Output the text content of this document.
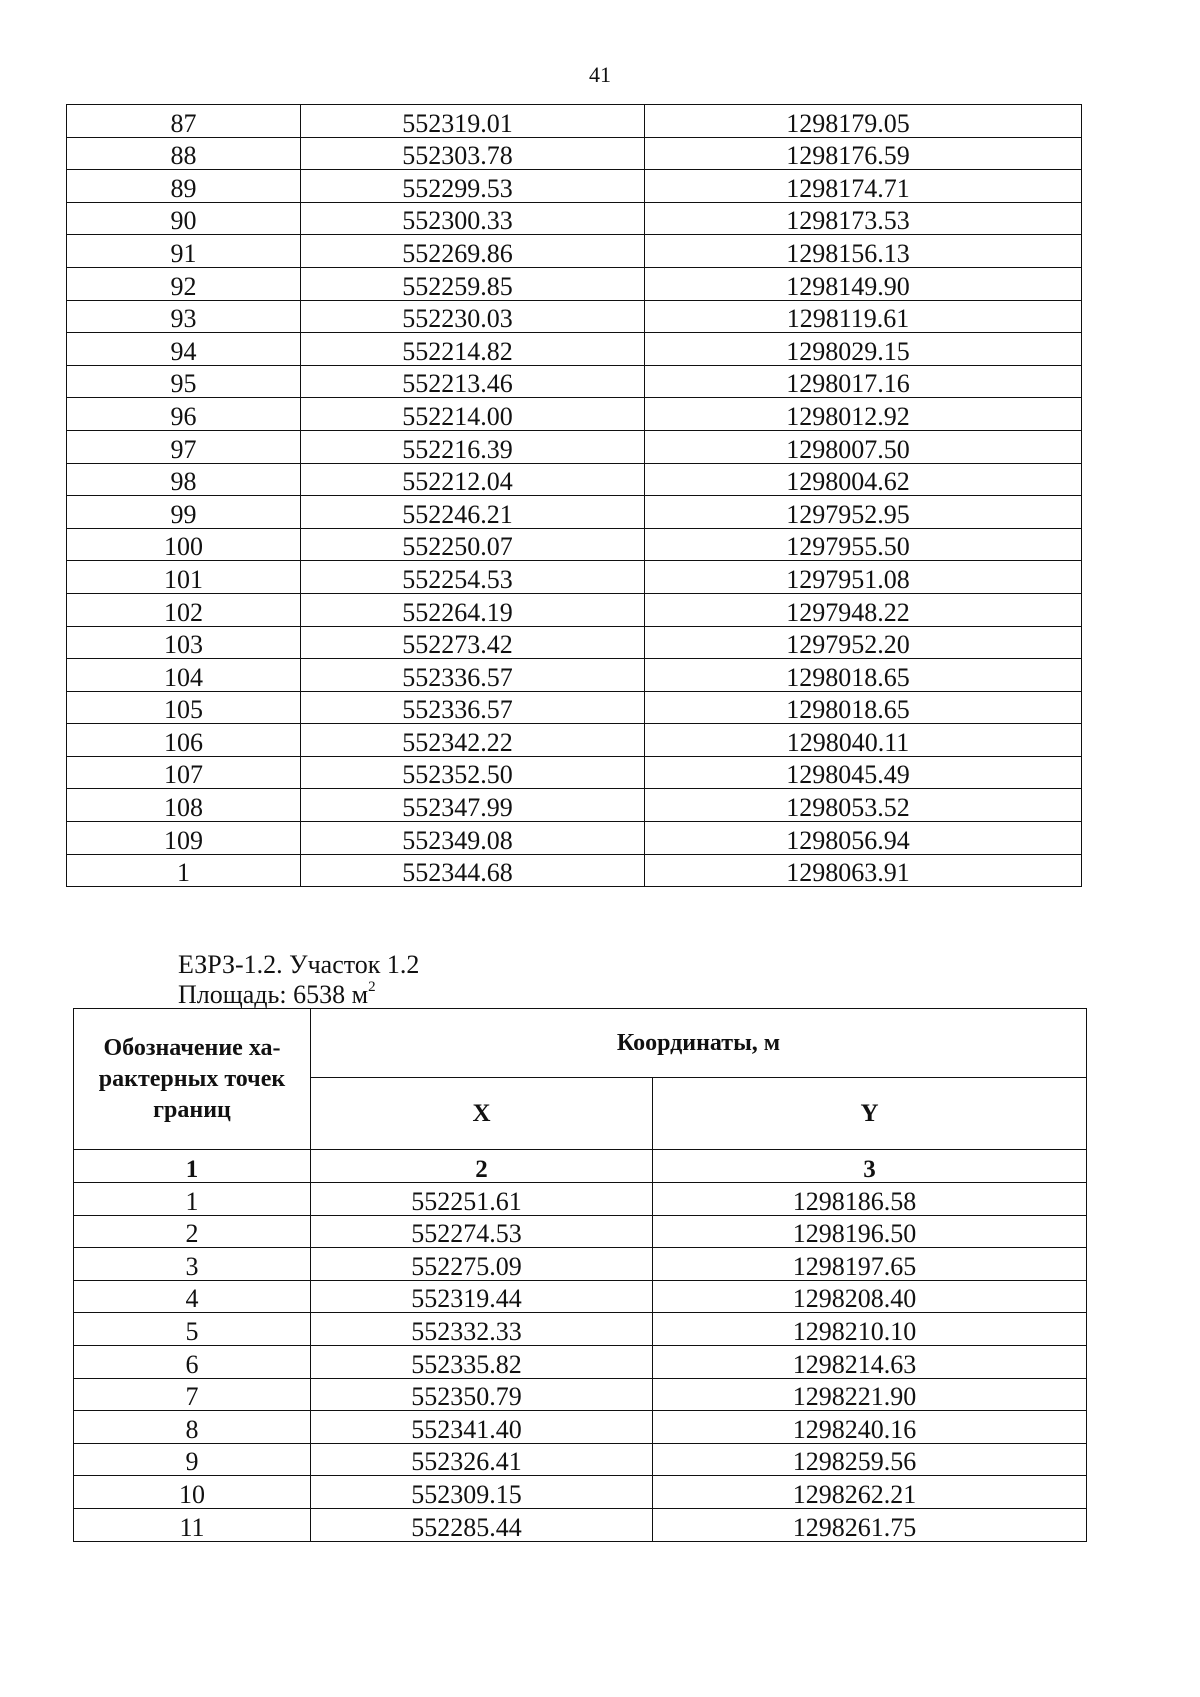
41
87	552319.01	1298179.05
88	552303.78	1298176.59
89	552299.53	1298174.71
90	552300.33	1298173.53
91	552269.86	1298156.13
92	552259.85	1298149.90
93	552230.03	1298119.61
94	552214.82	1298029.15
95	552213.46	1298017.16
96	552214.00	1298012.92
97	552216.39	1298007.50
98	552212.04	1298004.62
99	552246.21	1297952.95
100	552250.07	1297955.50
101	552254.53	1297951.08
102	552264.19	1297948.22
103	552273.42	1297952.20
104	552336.57	1298018.65
105	552336.57	1298018.65
106	552342.22	1298040.11
107	552352.50	1298045.49
108	552347.99	1298053.52
109	552349.08	1298056.94
1	552344.68	1298063.91
ЕЗРЗ-1.2. Участок 1.2
Площадь: 6538 $м^2$
Обозначение ха-рактерных точек границ	Координаты, м	
	X	Y
1	2	3
1	552251.61	1298186.58
2	552274.53	1298196.50
3	552275.09	1298197.65
4	552319.44	1298208.40
5	552332.33	1298210.10
6	552335.82	1298214.63
7	552350.79	1298221.90
8	552341.40	1298240.16
9	552326.41	1298259.56
10	552309.15	1298262.21
11	552285.44	1298261.75
